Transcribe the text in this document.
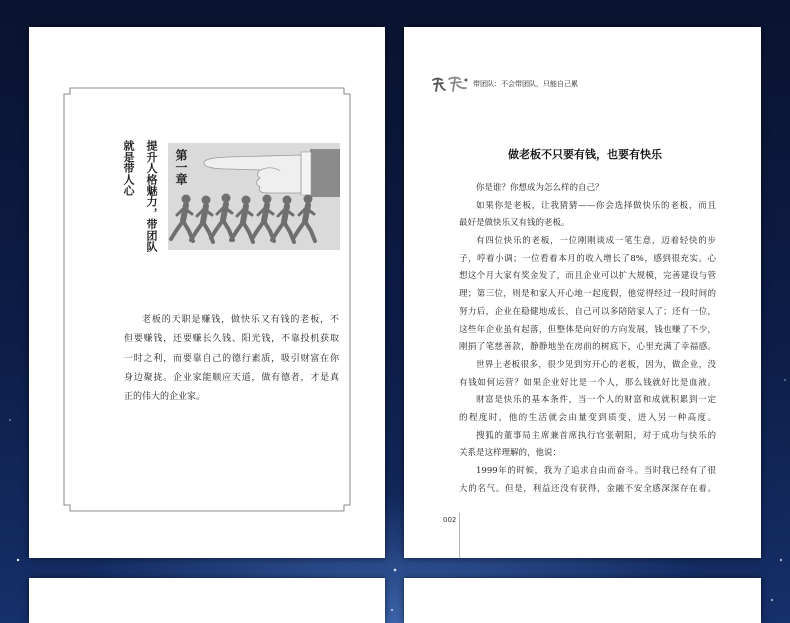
提升人格魅力，带团队
就是带人心	第一章
老板的天职是赚钱，做快乐又有钱的老板，不
但要赚钱，还要赚长久钱、阳光钱，不靠投机获取
一时之利，而要靠自己的德行素质，吸引财富在你
身边聚拢。企业家能顺应天道，做有德者，才是真
正的伟大的企业家。
带团队：不会带团队，只能自己累
做老板不只要有钱，也要有快乐
你是谁？你想成为怎么样的自己？
如果你是老板，让我猜猜——你会选择做快乐的老板，而且
最好是做快乐又有钱的老板。
有四位快乐的老板，一位刚刚谈成一笔生意，迈着轻快的步
子，哼着小调；一位看着本月的收入增长了8%，感到很充实。心
想这个月大家有奖金发了，而且企业可以扩大规模，完善建设与管
理；第三位，则是和家人开心地一起度假，他觉得经过一段时间的
努力后，企业在稳健地成长，自己可以多陪陪家人了；还有一位，
这些年企业虽有起落，但整体是向好的方向发展，钱也赚了不少，
刚捐了笔慈善款，静静地坐在房前的树底下，心里充满了幸福感。
世界上老板很多，很少见到穷开心的老板，因为，做企业，没
有钱如何运营？如果企业好比是一个人，那么钱就好比是血液。
财富是快乐的基本条件，当一个人的财富和成就积累到一定
的程度时，他的生活就会由量变到质变，进入另一种高度。
搜狐的董事局主席兼首席执行官张朝阳，对于成功与快乐的
关系是这样理解的，他说：
1999年的时候，我为了追求自由而奋斗。当时我已经有了很
大的名气。但是，利益还没有获得，金融不安全感深深存在着。
002
